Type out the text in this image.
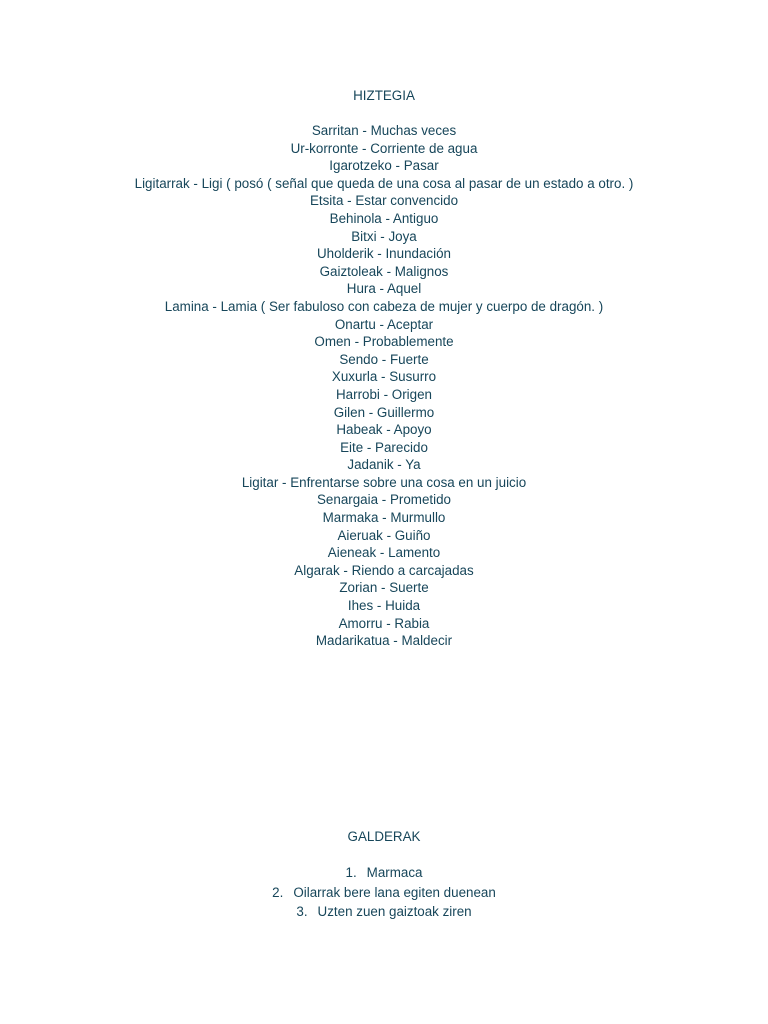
HIZTEGIA
Sarritan - Muchas veces
Ur-korronte - Corriente de agua
Igarotzeko - Pasar
Ligitarrak - Ligi ( posó ( señal que queda de una cosa al pasar de un estado a otro. )
Etsita - Estar convencido
Behinola - Antiguo
Bitxi - Joya
Uholderik - Inundación
Gaiztoleak - Malignos
Hura - Aquel
Lamina - Lamia ( Ser fabuloso con cabeza de mujer y cuerpo de dragón. )
Onartu - Aceptar
Omen - Probablemente
Sendo - Fuerte
Xuxurla - Susurro
Harrobi - Origen
Gilen - Guillermo
Habeak - Apoyo
Eite - Parecido
Jadanik - Ya
Ligitar - Enfrentarse sobre una cosa en un juicio
Senargaia - Prometido
Marmaka - Murmullo
Aieruak - Guiño
Aieneak - Lamento
Algarak - Riendo a carcajadas
Zorian - Suerte
Ihes - Huida
Amorru - Rabia
Madarikatua - Maldecir
GALDERAK
1. Marmaca
2. Oilarrak bere lana egiten duenean
3. Uzten zuen gaiztoak ziren
